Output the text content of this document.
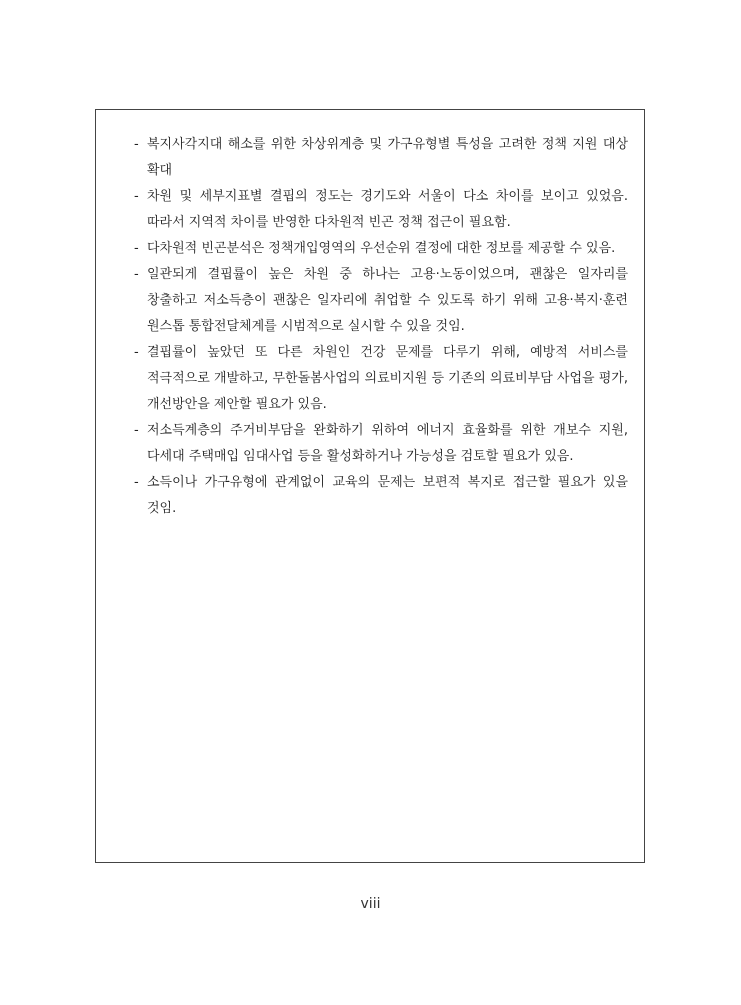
- 복지사각지대 해소를 위한 차상위계층 및 가구유형별 특성을 고려한 정책 지원 대상 확대
- 차원 및 세부지표별 결핍의 정도는 경기도와 서울이 다소 차이를 보이고 있었음. 따라서 지역적 차이를 반영한 다차원적 빈곤 정책 접근이 필요함.
- 다차원적 빈곤분석은 정책개입영역의 우선순위 결정에 대한 정보를 제공할 수 있음.
- 일관되게 결핍률이 높은 차원 중 하나는 고용·노동이었으며, 괜찮은 일자리를 창출하고 저소득층이 괜찮은 일자리에 취업할 수 있도록 하기 위해 고용·복지·훈련 원스톱 통합전달체계를 시범적으로 실시할 수 있을 것임.
- 결핍률이 높았던 또 다른 차원인 건강 문제를 다루기 위해, 예방적 서비스를 적극적으로 개발하고, 무한돌봄사업의 의료비지원 등 기존의 의료비부담 사업을 평가, 개선방안을 제안할 필요가 있음.
- 저소득계층의 주거비부담을 완화하기 위하여 에너지 효율화를 위한 개보수 지원, 다세대 주택매입 임대사업 등을 활성화하거나 가능성을 검토할 필요가 있음.
- 소득이나 가구유형에 관계없이 교육의 문제는 보편적 복지로 접근할 필요가 있을 것임.
viii
